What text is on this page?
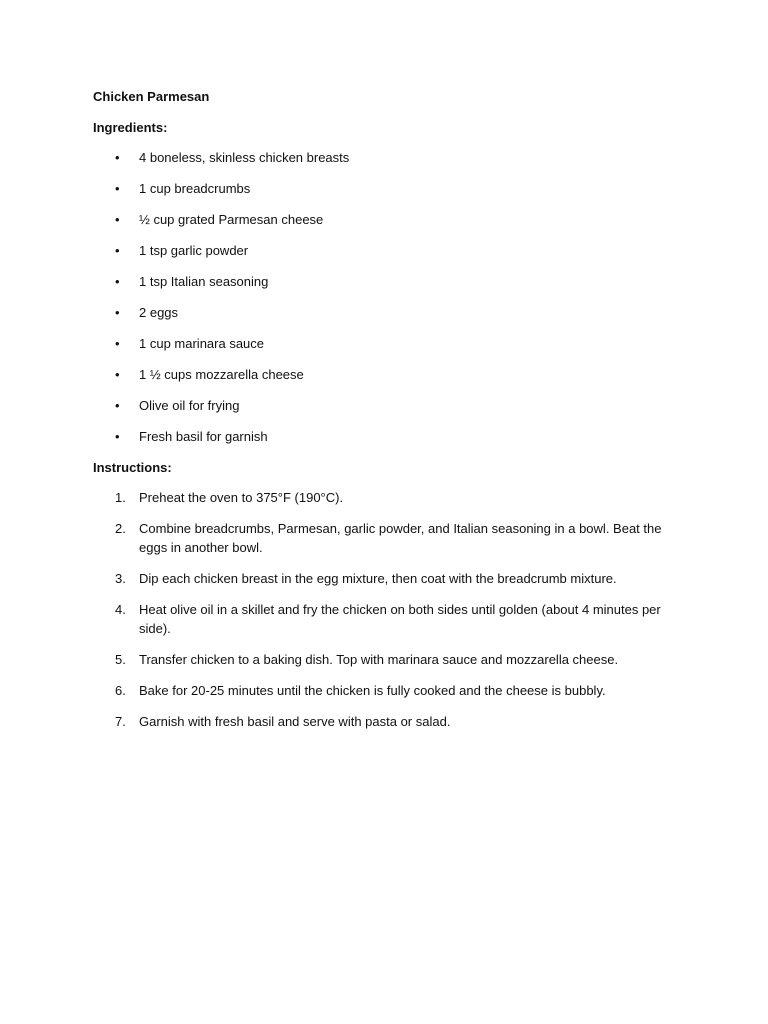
Chicken Parmesan
Ingredients:
•	4 boneless, skinless chicken breasts
•	1 cup breadcrumbs
•	½ cup grated Parmesan cheese
•	1 tsp garlic powder
•	1 tsp Italian seasoning
•	2 eggs
•	1 cup marinara sauce
•	1 ½ cups mozzarella cheese
•	Olive oil for frying
•	Fresh basil for garnish
Instructions:
1.	Preheat the oven to 375°F (190°C).
2.	Combine breadcrumbs, Parmesan, garlic powder, and Italian seasoning in a bowl. Beat the eggs in another bowl.
3.	Dip each chicken breast in the egg mixture, then coat with the breadcrumb mixture.
4.	Heat olive oil in a skillet and fry the chicken on both sides until golden (about 4 minutes per side).
5.	Transfer chicken to a baking dish. Top with marinara sauce and mozzarella cheese.
6.	Bake for 20-25 minutes until the chicken is fully cooked and the cheese is bubbly.
7.	Garnish with fresh basil and serve with pasta or salad.
